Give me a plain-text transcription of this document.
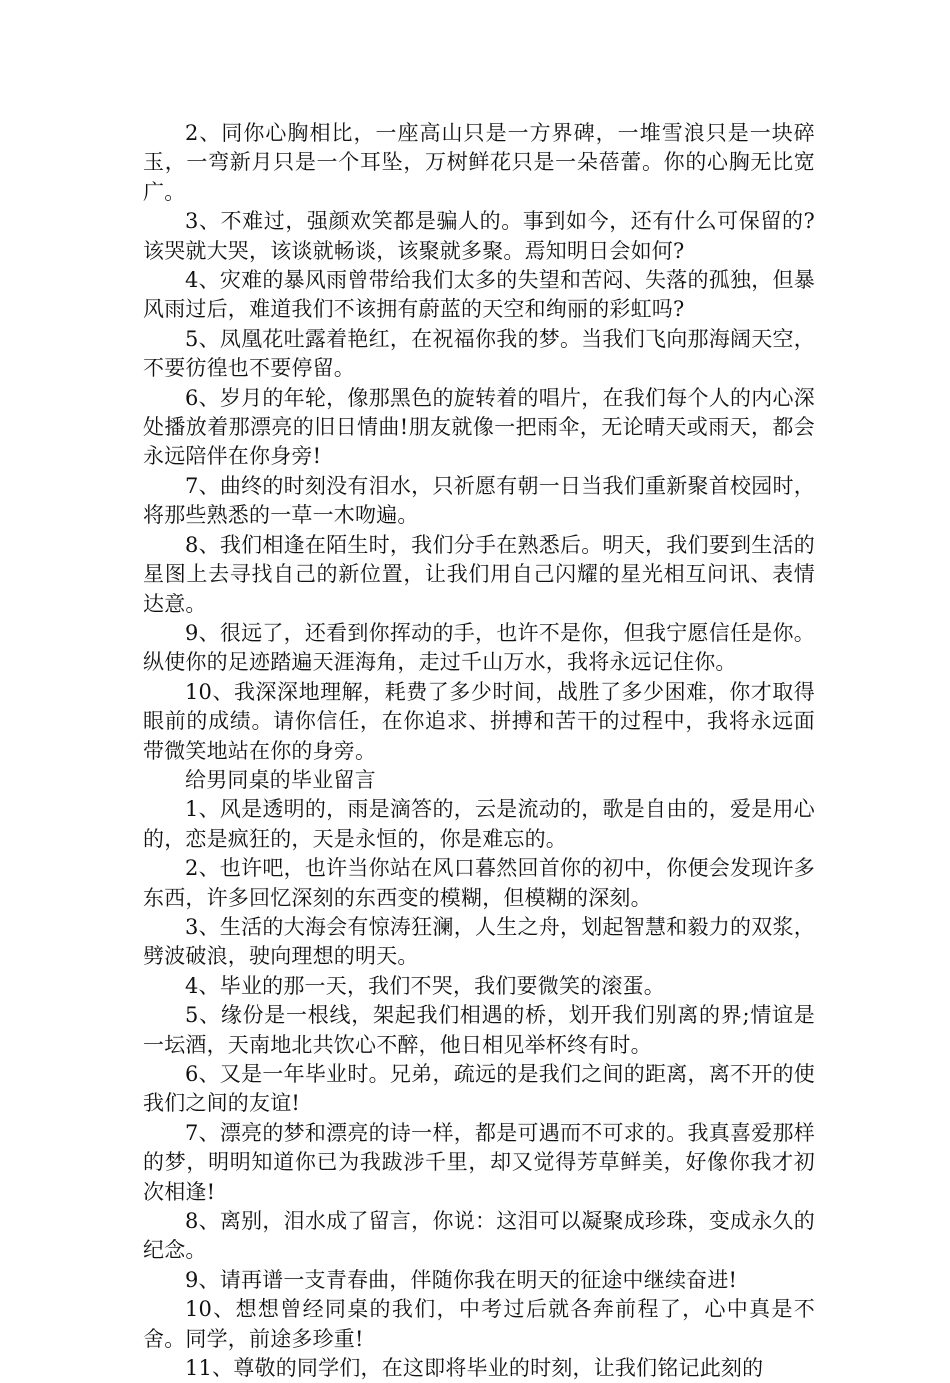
2、同你心胸相比，一座高山只是一方界碑，一堆雪浪只是一块碎玉，一弯新月只是一个耳坠，万树鲜花只是一朵蓓蕾。你的心胸无比宽广。

3、不难过，强颜欢笑都是骗人的。事到如今，还有什么可保留的?该哭就大哭，该谈就畅谈，该聚就多聚。焉知明日会如何?

4、灾难的暴风雨曾带给我们太多的失望和苦闷、失落的孤独，但暴风雨过后，难道我们不该拥有蔚蓝的天空和绚丽的彩虹吗?

5、凤凰花吐露着艳红，在祝福你我的梦。当我们飞向那海阔天空，不要彷徨也不要停留。

6、岁月的年轮，像那黑色的旋转着的唱片，在我们每个人的内心深处播放着那漂亮的旧日情曲!朋友就像一把雨伞，无论晴天或雨天，都会永远陪伴在你身旁!

7、曲终的时刻没有泪水，只祈愿有朝一日当我们重新聚首校园时，将那些熟悉的一草一木吻遍。

8、我们相逢在陌生时，我们分手在熟悉后。明天，我们要到生活的星图上去寻找自己的新位置，让我们用自己闪耀的星光相互问讯、表情达意。

9、很远了，还看到你挥动的手，也许不是你，但我宁愿信任是你。纵使你的足迹踏遍天涯海角，走过千山万水，我将永远记住你。

10、我深深地理解，耗费了多少时间，战胜了多少困难，你才取得眼前的成绩。请你信任，在你追求、拼搏和苦干的过程中，我将永远面带微笑地站在你的身旁。

给男同桌的毕业留言

1、风是透明的，雨是滴答的，云是流动的，歌是自由的，爱是用心的，恋是疯狂的，天是永恒的，你是难忘的。

2、也许吧，也许当你站在风口暮然回首你的初中，你便会发现许多东西，许多回忆深刻的东西变的模糊，但模糊的深刻。

3、生活的大海会有惊涛狂澜，人生之舟，划起智慧和毅力的双浆，劈波破浪，驶向理想的明天。

4、毕业的那一天，我们不哭，我们要微笑的滚蛋。

5、缘份是一根线，架起我们相遇的桥，划开我们别离的界;情谊是一坛酒，天南地北共饮心不醉，他日相见举杯终有时。

6、又是一年毕业时。兄弟，疏远的是我们之间的距离，离不开的使我们之间的友谊!

7、漂亮的梦和漂亮的诗一样，都是可遇而不可求的。我真喜爱那样的梦，明明知道你已为我跋涉千里，却又觉得芳草鲜美，好像你我才初次相逢!

8、离别，泪水成了留言，你说：这泪可以凝聚成珍珠，变成永久的纪念。

9、请再谱一支青春曲，伴随你我在明天的征途中继续奋进!

10、想想曾经同桌的我们，中考过后就各奔前程了，心中真是不舍。同学，前途多珍重!

11、尊敬的同学们，在这即将毕业的时刻，让我们铭记此刻的
